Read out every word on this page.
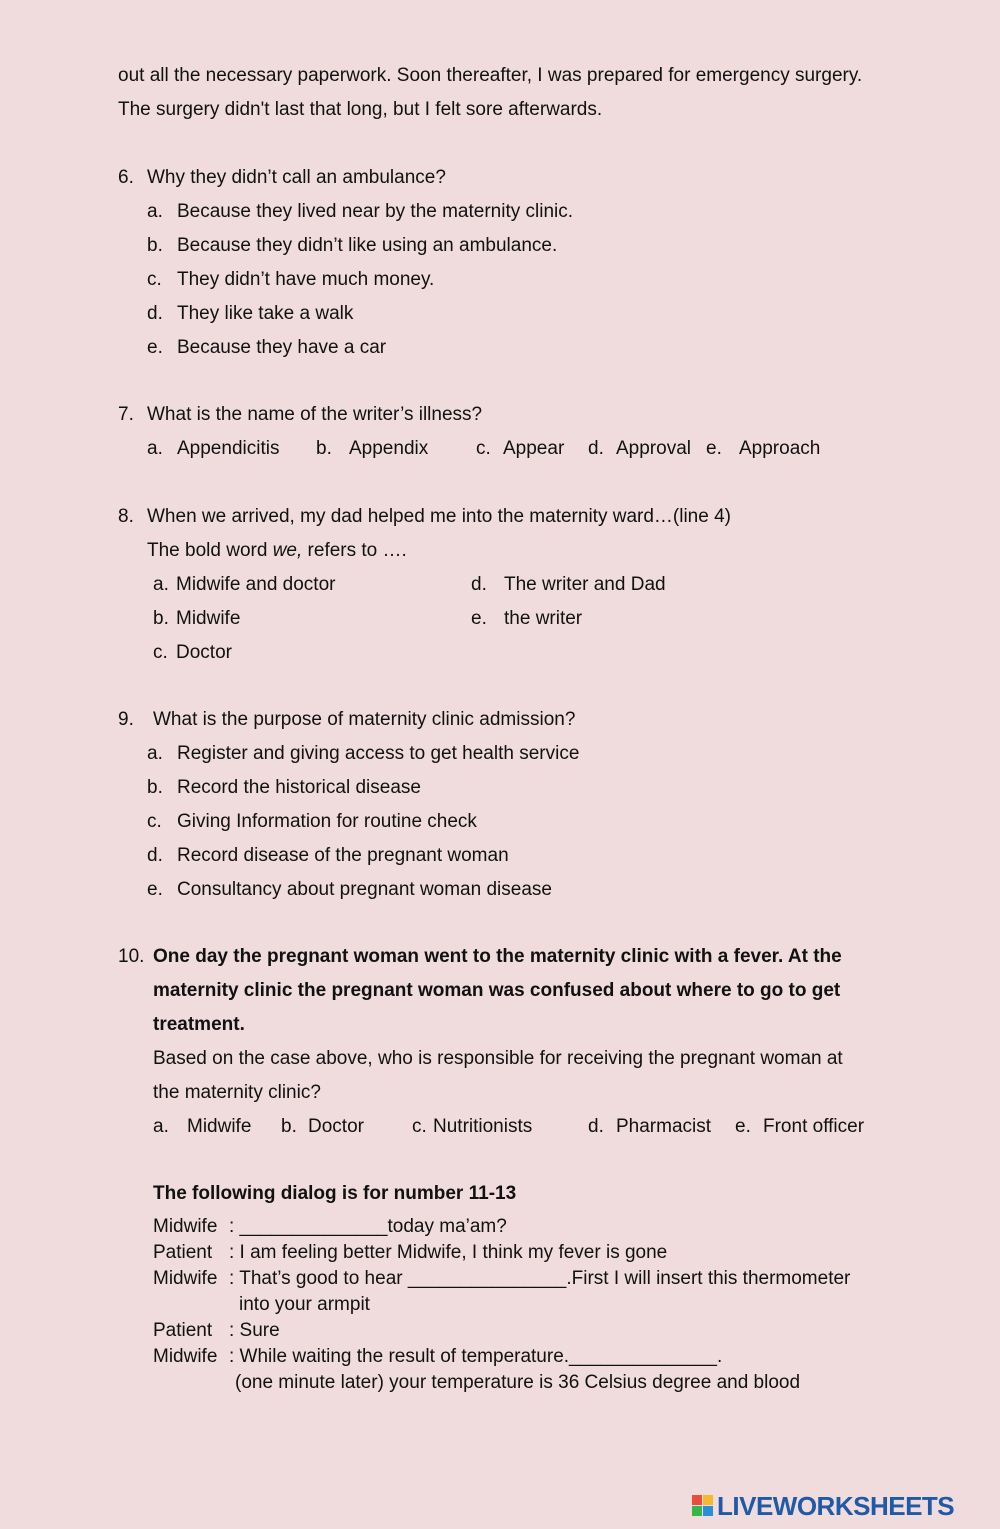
out all the necessary paperwork. Soon thereafter, I was prepared for emergency surgery.
The surgery didn't last that long, but I felt sore afterwards.
6. Why they didn’t call an ambulance?
a. Because they lived near by the maternity clinic.
b. Because they didn’t like using an ambulance.
c. They didn’t have much money.
d. They like take a walk
e. Because they have a car
7. What is the name of the writer’s illness?
a. Appendicitis b. Appendix	c. Appear d. Approval e. Approach
8. When we arrived, my dad helped me into the maternity ward…(line 4)
The bold word we, refers to ….
a. Midwife and doctor
b. Midwife
c. Doctor
d. The writer and Dad
e. the writer
9. What is the purpose of maternity clinic admission?
a. Register and giving access to get health service
b. Record the historical disease
c. Giving Information for routine check
d. Record disease of the pregnant woman
e. Consultancy about pregnant woman disease
10. One day the pregnant woman went to the maternity clinic with a fever. At the
maternity clinic the pregnant woman was confused about where to go to get
treatment.
Based on the case above, who is responsible for receiving the pregnant woman at
the maternity clinic?
a. Midwife b. Doctor	c. Nutritionists	d. Pharmacist e. Front officer
The following dialog is for number 11-13
Midwife : ______________today ma’am?
Patient : I am feeling better Midwife, I think my fever is gone
Midwife : That’s good to hear _______________.First I will insert this thermometer
into your armpit
Patient : Sure
Midwife : While waiting the result of temperature.______________.
(one minute later) your temperature is 36 Celsius degree and blood
LIVEWORKSHEETS
